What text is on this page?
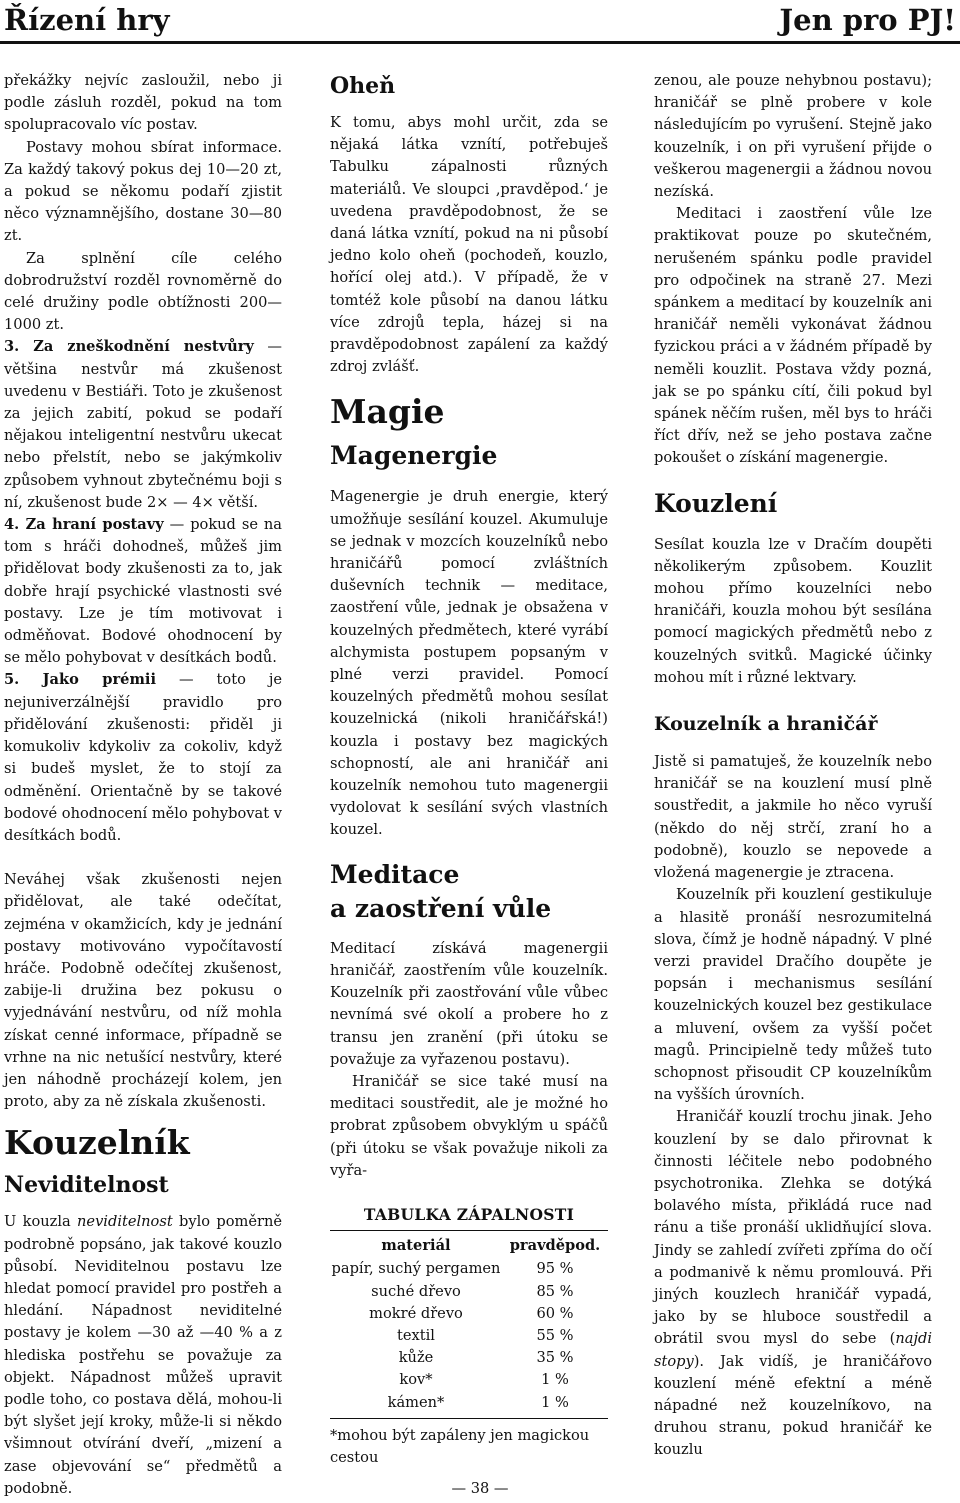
Řízení hry	Jen pro PJ!

překážky nejvíc zasloužil, nebo ji podle zásluh rozděl, pokud na tom spolupracovalo víc postav.

Postavy mohou sbírat informace. Za každý takový pokus dej 10—20 zt, a pokud se někomu podaří zjistit něco významnějšího, dostane 30—80 zt.

Za splnění cíle celého dobrodružství rozděl rovnoměrně do celé družiny podle obtížnosti 200—1000 zt.

3. Za zneškodnění nestvůry — většina nestvůr má zkušenost uvedenu v Bestiáři. Toto je zkušenost za jejich zabití, pokud se podaří nějakou inteligentní nestvůru ukecat nebo přelstít, nebo se jakýmkoliv způsobem vyhnout zbytečnému boji s ní, zkušenost bude 2× — 4× větší.

4. Za hraní postavy — pokud se na tom s hráči dohodneš, můžeš jim přidělovat body zkušenosti za to, jak dobře hrají psychické vlastnosti své postavy. Lze je tím motivovat i odměňovat. Bodové ohodnocení by se mělo pohybovat v desítkách bodů.

5. Jako prémii — toto je nejuniverzálnější pravidlo pro přidělování zkušenosti: přiděl ji komukoliv kdykoliv za cokoliv, když si budeš myslet, že to stojí za odměnění. Orientačně by se takové bodové ohodnocení mělo pohybovat v desítkách bodů.

Neváhej však zkušenosti nejen přidělovat, ale také odečítat, zejména v okamžicích, kdy je jednání postavy motivováno vypočítavostí hráče. Podobně odečítej zkušenost, zabije-li družina bez pokusu o vyjednávání nestvůru, od níž mohla získat cenné informace, případně se vrhne na nic netušící nestvůry, které jen náhodně procházejí kolem, jen proto, aby za ně získala zkušenosti.

Kouzelník
Neviditelnost

U kouzla neviditelnost bylo poměrně podrobně popsáno, jak takové kouzlo působí. Neviditelnou postavu lze hledat pomocí pravidel pro postřeh a hledání. Nápadnost neviditelné postavy je kolem —30 až —40 % a z hlediska postřehu se považuje za objekt. Nápadnost můžeš upravit podle toho, co postava dělá, mohou-li být slyšet její kroky, může-li si někdo všimnout otvírání dveří, „mizení a zase objevování se“ předmětů a podobně.

Oheň

K tomu, abys mohl určit, zda se nějaká látka vznítí, potřebuješ Tabulku zápalnosti různých materiálů. Ve sloupci ‚pravděpod.‘ je uvedena pravděpodobnost, že se daná látka vznítí, pokud na ni působí jedno kolo oheň (pochodeň, kouzlo, hořící olej atd.). V případě, že v tomtéž kole působí na danou látku více zdrojů tepla, házej si na pravděpodobnost zapálení za každý zdroj zvlášť.

Magie
Magenergie

Magenergie je druh energie, který umožňuje sesílání kouzel. Akumuluje se jednak v mozcích kouzelníků nebo hraničářů pomocí zvláštních duševních technik — meditace, zaostření vůle, jednak je obsažena v kouzelných předmětech, které vyrábí alchymista postupem popsaným v plné verzi pravidel. Pomocí kouzelných předmětů mohou sesílat kouzelnická (nikoli hraničářská!) kouzla i postavy bez magických schopností, ale ani hraničář ani kouzelník nemohou tuto magenergii vydolovat k sesílání svých vlastních kouzel.

Meditace
a zaostření vůle

Meditací získává magenergii hraničář, zaostřením vůle kouzelník. Kouzelník při zaostřování vůle vůbec nevnímá své okolí a probere ho z transu jen zranění (při útoku se považuje za vyřazenou postavu).

Hraničář se sice také musí na meditaci soustředit, ale je možné ho probrat způsobem obvyklým u spáčů (při útoku se však považuje nikoli za vyřa-

TABULKA ZÁPALNOSTI
materiál	pravděpod.
papír, suchý pergamen	95 %
suché dřevo	85 %
mokré dřevo	60 %
textil	55 %
kůže	35 %
kov*	1 %
kámen*	1 %

*mohou být zapáleny jen magickou cestou

zenou, ale pouze nehybnou postavu); hraničář se plně probere v kole následujícím po vyrušení. Stejně jako kouzelník, i on při vyrušení přijde o veškerou magenergii a žádnou novou nezíská.

Meditaci i zaostření vůle lze praktikovat pouze po skutečném, nerušeném spánku podle pravidel pro odpočinek na straně 27. Mezi spánkem a meditací by kouzelník ani hraničář neměli vykonávat žádnou fyzickou práci a v žádném případě by neměli kouzlit. Postava vždy pozná, jak se po spánku cítí, čili pokud byl spánek něčím rušen, měl bys to hráči říct dřív, než se jeho postava začne pokoušet o získání magenergie.

Kouzlení

Sesílat kouzla lze v Dračím doupěti několikerým způsobem. Kouzlit mohou přímo kouzelníci nebo hraničáři, kouzla mohou být sesílána pomocí magických předmětů nebo z kouzelných svitků. Magické účinky mohou mít i různé lektvary.

Kouzelník a hraničář

Jistě si pamatuješ, že kouzelník nebo hraničář se na kouzlení musí plně soustředit, a jakmile ho něco vyruší (někdo do něj strčí, zraní ho a podobně), kouzlo se nepovede a vložená magenergie je ztracena.

Kouzelník při kouzlení gestikuluje a hlasitě pronáší nesrozumitelná slova, čímž je hodně nápadný. V plné verzi pravidel Dračího doupěte je popsán i mechanismus sesílání kouzelnických kouzel bez gestikulace a mluvení, ovšem za vyšší počet magů. Principielně tedy můžeš tuto schopnost přisoudit CP kouzelníkům na vyšších úrovních.

Hraničář kouzlí trochu jinak. Jeho kouzlení by se dalo přirovnat k činnosti léčitele nebo podobného psychotronika. Zlehka se dotýká bolavého místa, přikládá ruce nad ránu a tiše pronáší uklidňující slova. Jindy se zahledí zvířeti zpříma do očí a podmanivě k němu promlouvá. Při jiných kouzlech hraničář vypadá, jako by se hluboce soustředil a obrátil svou mysl do sebe (najdi stopy). Jak vidíš, je hraničářovo kouzlení méně efektní a méně nápadné než kouzelníkovo, na druhou stranu, pokud hraničář ke kouzlu

— 38 —
